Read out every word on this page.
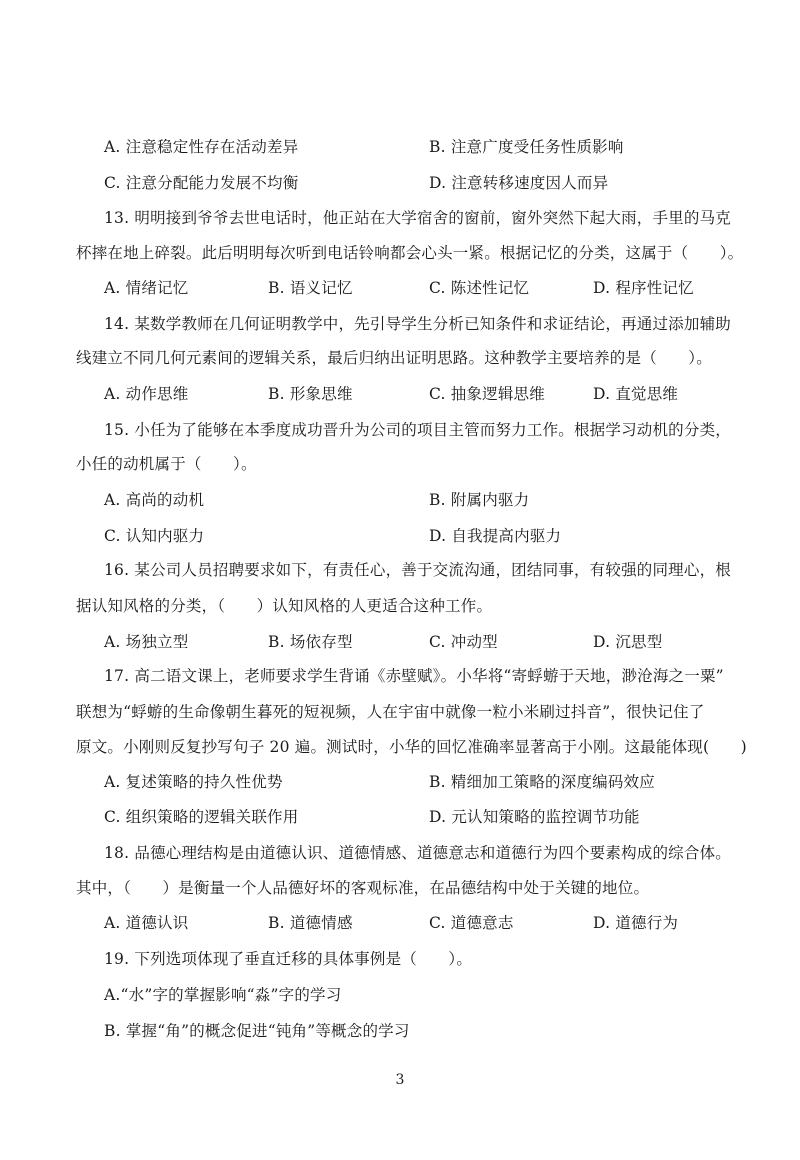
A. 注意稳定性存在活动差异	B. 注意广度受任务性质影响
C. 注意分配能力发展不均衡	D. 注意转移速度因人而异
13. 明明接到爷爷去世电话时，他正站在大学宿舍的窗前，窗外突然下起大雨，手里的马克
杯摔在地上碎裂。此后明明每次听到电话铃响都会心头一紧。根据记忆的分类，这属于（　　）。
A. 情绪记忆	B. 语义记忆	C. 陈述性记忆	D. 程序性记忆
14. 某数学教师在几何证明教学中，先引导学生分析已知条件和求证结论，再通过添加辅助
线建立不同几何元素间的逻辑关系，最后归纳出证明思路。这种教学主要培养的是（　　）。
A. 动作思维	B. 形象思维	C. 抽象逻辑思维	D. 直觉思维
15. 小任为了能够在本季度成功晋升为公司的项目主管而努力工作。根据学习动机的分类，
小任的动机属于（　　）。
A. 高尚的动机	B. 附属内驱力
C. 认知内驱力	D. 自我提高内驱力
16. 某公司人员招聘要求如下，有责任心，善于交流沟通，团结同事，有较强的同理心，根
据认知风格的分类，（　　）认知风格的人更适合这种工作。
A. 场独立型	B. 场依存型	C. 冲动型	D. 沉思型
17. 高二语文课上，老师要求学生背诵《赤壁赋》。小华将“寄蜉蝣于天地，渺沧海之一粟”
联想为“蜉蝣的生命像朝生暮死的短视频，人在宇宙中就像一粒小米刷过抖音”，很快记住了
原文。小刚则反复抄写句子 20 遍。测试时，小华的回忆准确率显著高于小刚。这最能体现(　　)
A. 复述策略的持久性优势	B. 精细加工策略的深度编码效应
C. 组织策略的逻辑关联作用	D. 元认知策略的监控调节功能
18. 品德心理结构是由道德认识、道德情感、道德意志和道德行为四个要素构成的综合体。
其中，（　　）是衡量一个人品德好坏的客观标准，在品德结构中处于关键的地位。
A. 道德认识	B. 道德情感	C. 道德意志	D. 道德行为
19. 下列选项体现了垂直迁移的具体事例是（　　）。
A.“水”字的掌握影响“淼”字的学习
B. 掌握“角”的概念促进“钝角”等概念的学习
3
